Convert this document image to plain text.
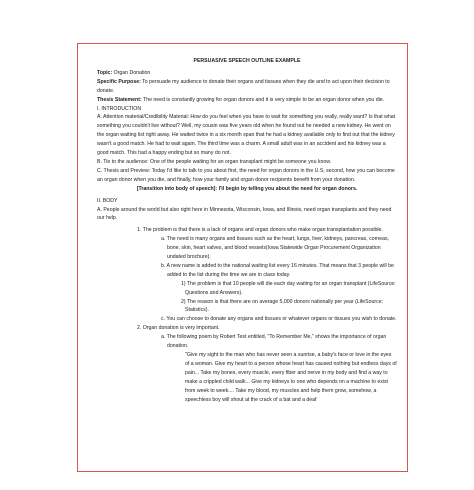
PERSUASIVE SPEECH OUTLINE EXAMPLE

Topic: Organ Donation

Specific Purpose: To persuade my audience to donate their organs and tissues when they die and to act upon their decision to donate.

Thesis Statement: The need is constantly growing for organ donors and it is very simple to be an organ donor when you die.

I. INTRODUCTION

A. Attention material/Credibility Material: How do you feel when you have to wait for something you really, really want? Is that what something you couldn't live without? Well, my cousin was five years old when he found out he needed a new kidney. He went on the organ waiting list right away. He waited twice in a six month span that he had a kidney available only to find out that the kidney wasn't a good match. He had to wait again. The third time was a charm. A small adult was in an accident and his kidney was a good match. This had a happy ending but so many do not.

B. Tie to the audience: One of the people waiting for an organ transplant might be someone you know.

C. Thesis and Preview: Today I'd like to talk to you about first, the need for organ donors in the U.S, second, how you can become an organ donor when you die, and finally, how your family and organ donor recipients benefit from your donation.

[Transition into body of speech]: I'll begin by telling you about the need for organ donors.

II. BODY

A. People around the world but also right here in Minnesota, Wisconsin, Iowa, and Illinois, need organ transplants and they need our help.

1. The problem is that there is a lack of organs and organ donors who make organ transplantation possible.

a. The need is many organs and tissues such as the heart, lungs, liver, kidneys, pancreas, corneas, bone, skin, heart valves, and blood vessels(Iowa Statewide Organ Procurement Organization undated brochure).

b. A new name is added to the national waiting list every 16 minutes. That means that 3 people will be added to the list during the time we are in class today.

1) The problem is that 10 people will die each day waiting for an organ transplant (LifeSource: Questions and Answers).

2) The reason is that there are on average 5,000 donors nationally per year (LifeSource: Statistics).

c. You can choose to donate any organs and tissues or whatever organs or tissues you wish to donate.

2. Organ donation is very important.

a. The following poem by Robert Test entitled, "To Remember Me," shows the importance of organ donation.

"Give my sight to the man who has never seen a sunrise, a baby's face or love in the eyes of a woman. Give my heart to a person whose heart has caused nothing but endless days of pain... Take my bones, every muscle, every fiber and nerve in my body and find a way to make a crippled child walk... Give my kidneys to one who depends on a machine to exist from week to week.... Take my blood, my muscles and help them grow, somehow, a speechless boy will shout at the crack of a bat and a deaf
